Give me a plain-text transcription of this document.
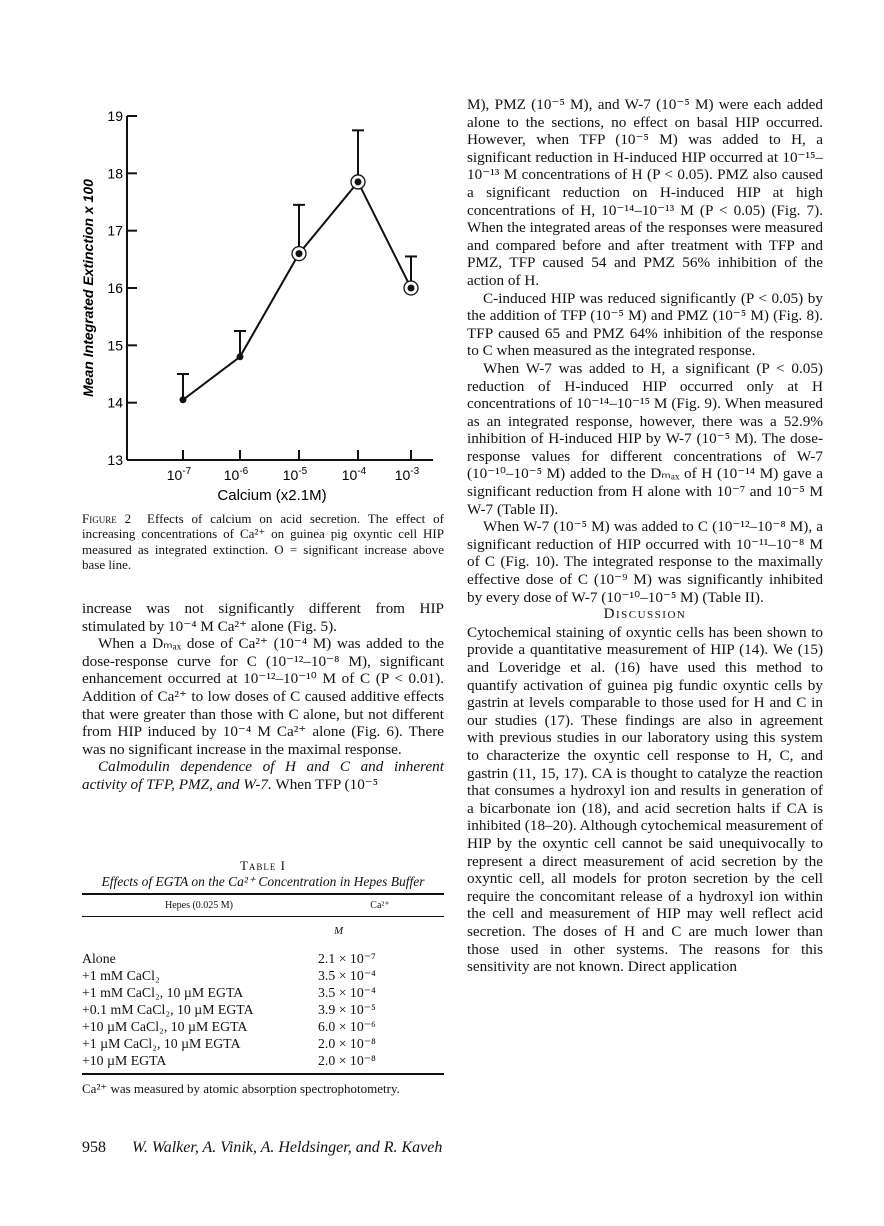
13
14
15
16
17
18
19
Mean Integrated Extinction x 100
$10^{-7}$ $10^{-6}$ $10^{-5}$ $10^{-4}$ $10^{-3}$
Calcium (x2.1M)
Figure 2 Effects of calcium on acid secretion. The effect of increasing concentrations of Ca²⁺ on guinea pig oxyntic cell HIP measured as integrated extinction. O = significant increase above base line.

increase was not significantly different from HIP stimulated by 10⁻⁴ M Ca²⁺ alone (Fig. 5).

When a Dₘₐₓ dose of Ca²⁺ (10⁻⁴ M) was added to the dose-response curve for C (10⁻¹²–10⁻⁸ M), significant enhancement occurred at 10⁻¹²–10⁻¹⁰ M of C (P < 0.01). Addition of Ca²⁺ to low doses of C caused additive effects that were greater than those with C alone, but not different from HIP induced by 10⁻⁴ M Ca²⁺ alone (Fig. 6). There was no significant increase in the maximal response.

Calmodulin dependence of H and C and inherent activity of TFP, PMZ, and W-7. When TFP (10⁻⁵

Table I
Effects of EGTA on the Ca²⁺ Concentration in Hepes Buffer
Hepes (0.025 M)	Ca²⁺
	M
Alone	2.1 × 10⁻⁷
+1 mM CaCl₂	3.5 × 10⁻⁴
+1 mM CaCl₂, 10 µM EGTA	3.5 × 10⁻⁴
+0.1 mM CaCl₂, 10 µM EGTA	3.9 × 10⁻⁵
+10 µM CaCl₂, 10 µM EGTA	6.0 × 10⁻⁶
+1 µM CaCl₂, 10 µM EGTA	2.0 × 10⁻⁸
+10 µM EGTA	2.0 × 10⁻⁸
Ca²⁺ was measured by atomic absorption spectrophotometry.

M), PMZ (10⁻⁵ M), and W-7 (10⁻⁵ M) were each added alone to the sections, no effect on basal HIP occurred. However, when TFP (10⁻⁵ M) was added to H, a significant reduction in H-induced HIP occurred at 10⁻¹⁵–10⁻¹³ M concentrations of H (P < 0.05). PMZ also caused a significant reduction on H-induced HIP at high concentrations of H, 10⁻¹⁴–10⁻¹³ M (P < 0.05) (Fig. 7). When the integrated areas of the responses were measured and compared before and after treatment with TFP and PMZ, TFP caused 54 and PMZ 56% inhibition of the action of H.

C-induced HIP was reduced significantly (P < 0.05) by the addition of TFP (10⁻⁵ M) and PMZ (10⁻⁵ M) (Fig. 8). TFP caused 65 and PMZ 64% inhibition of the response to C when measured as the integrated response.

When W-7 was added to H, a significant (P < 0.05) reduction of H-induced HIP occurred only at H concentrations of 10⁻¹⁴–10⁻¹⁵ M (Fig. 9). When measured as an integrated response, however, there was a 52.9% inhibition of H-induced HIP by W-7 (10⁻⁵ M). The dose-response values for different concentrations of W-7 (10⁻¹⁰–10⁻⁵ M) added to the Dₘₐₓ of H (10⁻¹⁴ M) gave a significant reduction from H alone with 10⁻⁷ and 10⁻⁵ M W-7 (Table II).

When W-7 (10⁻⁵ M) was added to C (10⁻¹²–10⁻⁸ M), a significant reduction of HIP occurred with 10⁻¹¹–10⁻⁸ M of C (Fig. 10). The integrated response to the maximally effective dose of C (10⁻⁹ M) was significantly inhibited by every dose of W-7 (10⁻¹⁰–10⁻⁵ M) (Table II).

Discussion

Cytochemical staining of oxyntic cells has been shown to provide a quantitative measurement of HIP (14). We (15) and Loveridge et al. (16) have used this method to quantify activation of guinea pig fundic oxyntic cells by gastrin at levels comparable to those used for H and C in our studies (17). These findings are also in agreement with previous studies in our laboratory using this system to characterize the oxyntic cell response to H, C, and gastrin (11, 15, 17). CA is thought to catalyze the reaction that consumes a hydroxyl ion and results in generation of a bicarbonate ion (18), and acid secretion halts if CA is inhibited (18–20). Although cytochemical measurement of HIP by the oxyntic cell cannot be said unequivocally to represent a direct measurement of acid secretion by the oxyntic cell, all models for proton secretion by the cell require the concomitant release of a hydroxyl ion within the cell and measurement of HIP may well reflect acid secretion. The doses of H and C are much lower than those used in other systems. The reasons for this sensitivity are not known. Direct application

958 W. Walker, A. Vinik, A. Heldsinger, and R. Kaveh
